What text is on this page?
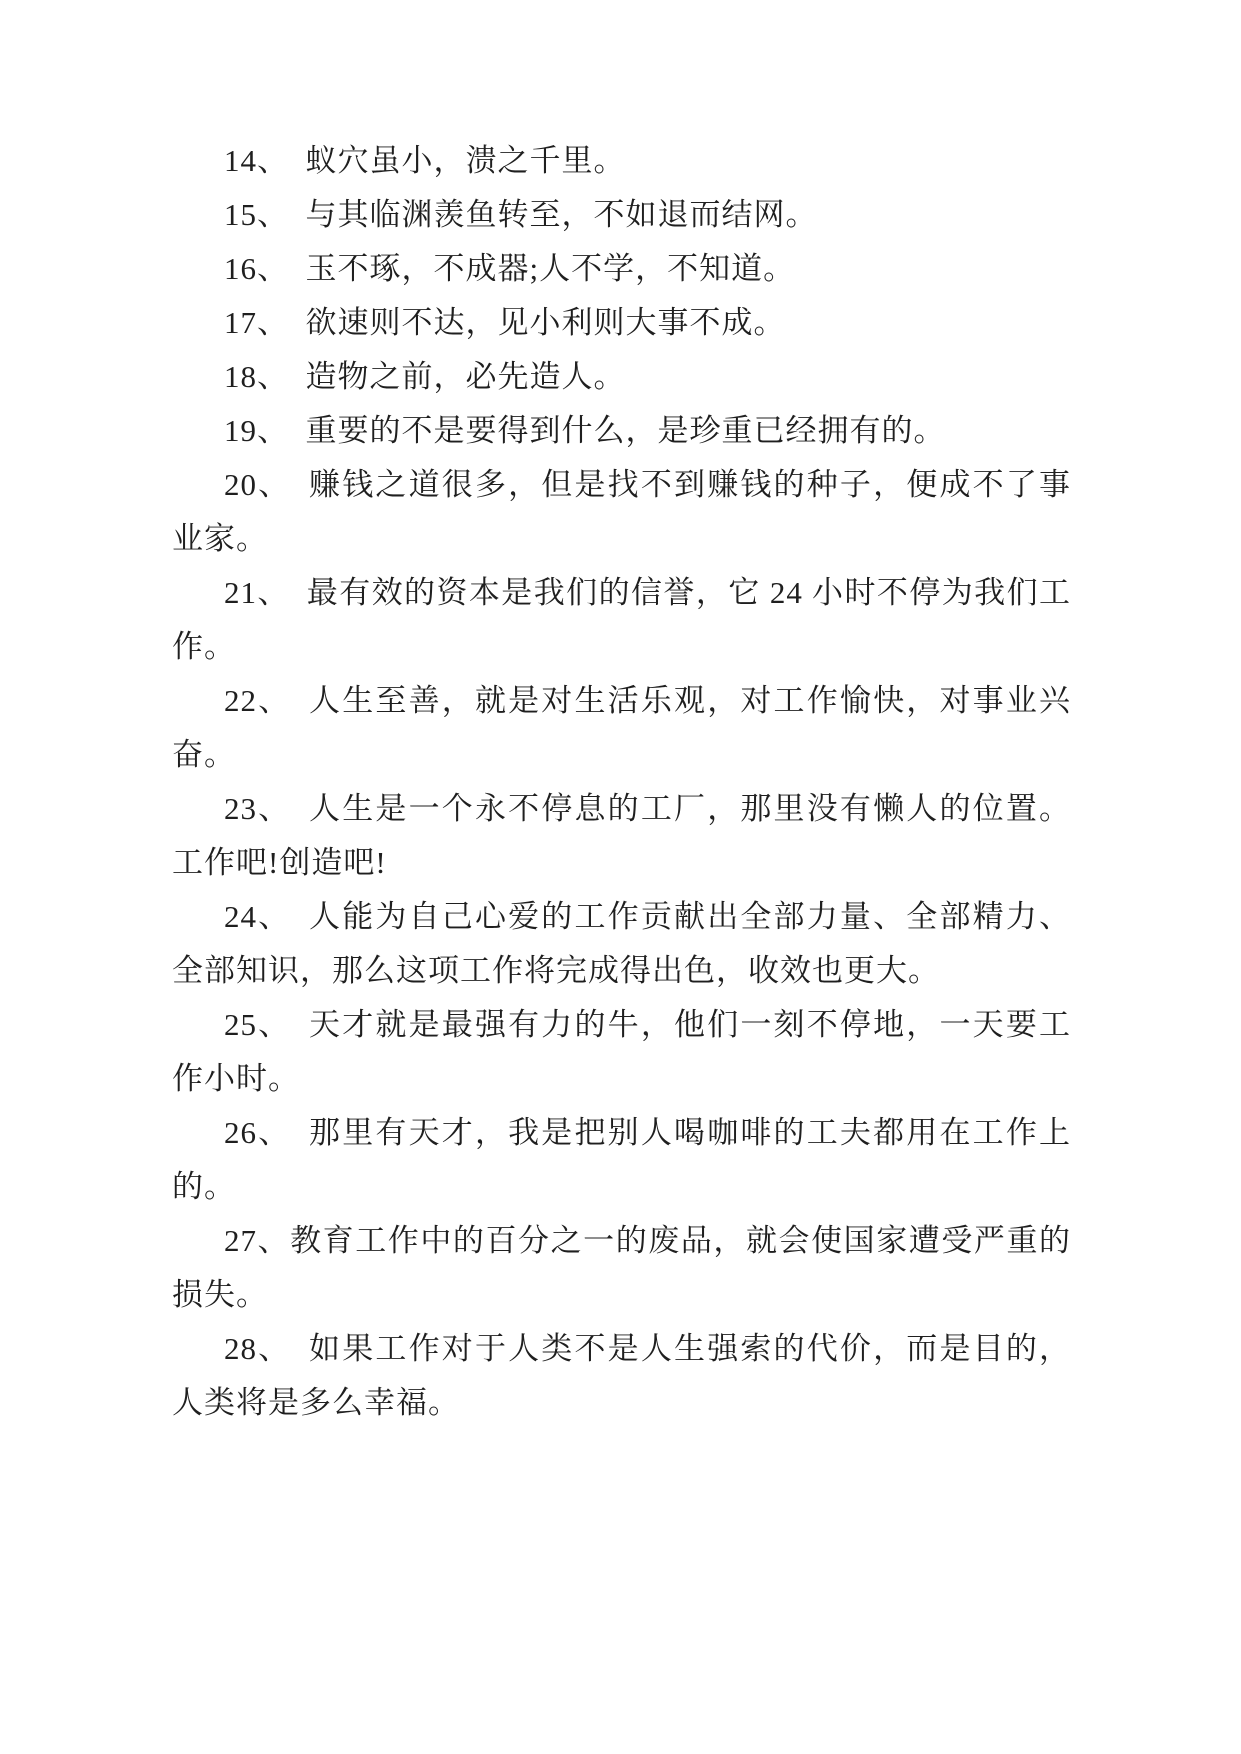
14、　蚁穴虽小，溃之千里。

15、　与其临渊羡鱼转至，不如退而结网。

16、　玉不琢，不成器;人不学，不知道。

17、　欲速则不达，见小利则大事不成。

18、　造物之前，必先造人。

19、　重要的不是要得到什么，是珍重已经拥有的。

20、　赚钱之道很多，但是找不到赚钱的种子，便成不了事业家。

21、　最有效的资本是我们的信誉，它 24 小时不停为我们工作。

22、　人生至善，就是对生活乐观，对工作愉快，对事业兴奋。

23、　人生是一个永不停息的工厂，那里没有懒人的位置。工作吧!创造吧!

24、　人能为自己心爱的工作贡献出全部力量、全部精力、全部知识，那么这项工作将完成得出色，收效也更大。

25、　天才就是最强有力的牛，他们一刻不停地，一天要工作小时。

26、　那里有天才，我是把别人喝咖啡的工夫都用在工作上的。

27、教育工作中的百分之一的废品，就会使国家遭受严重的损失。

28、　如果工作对于人类不是人生强索的代价，而是目的，人类将是多么幸福。
